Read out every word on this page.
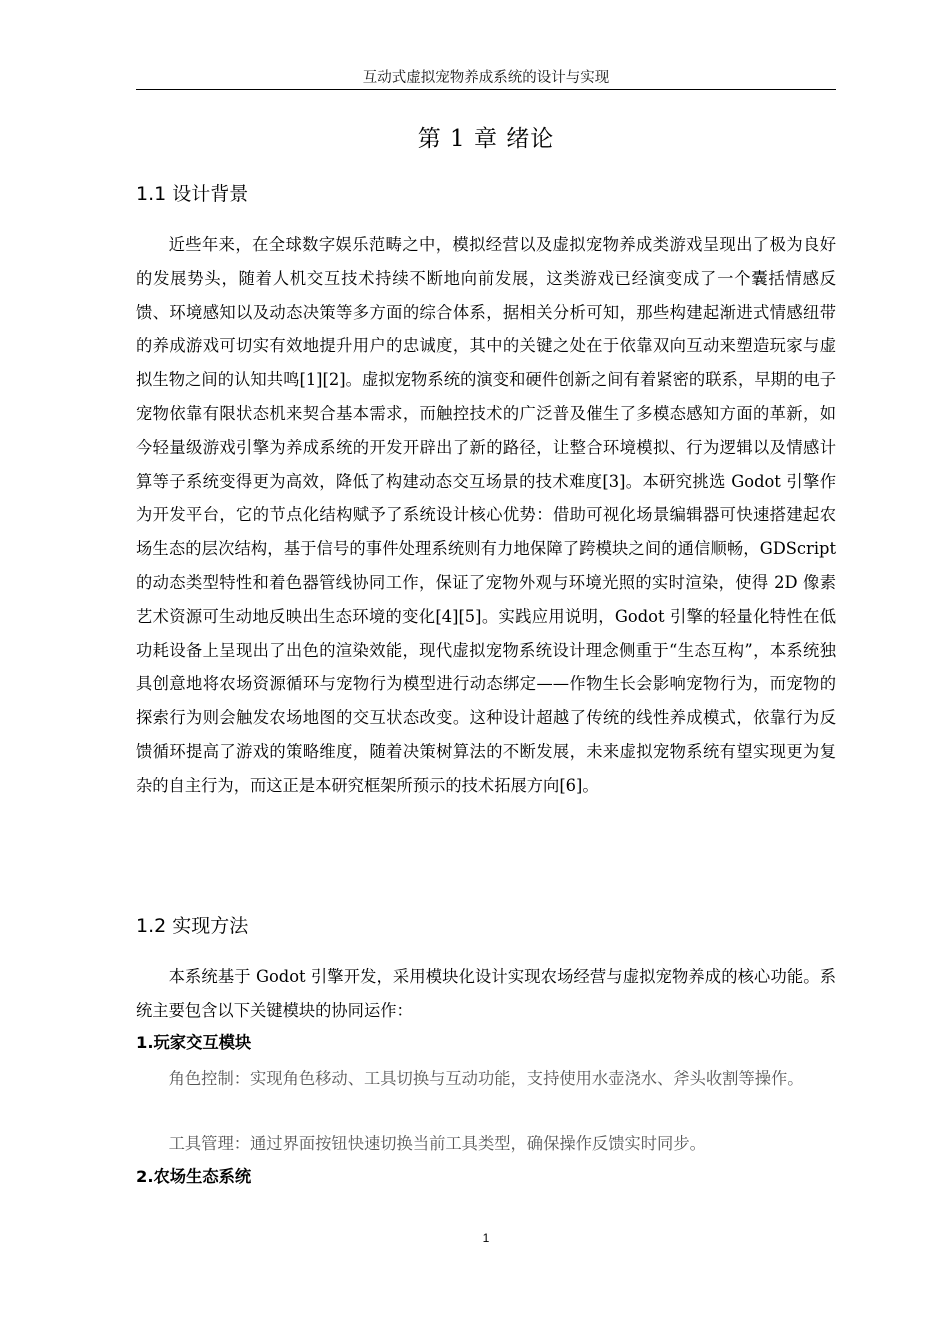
互动式虚拟宠物养成系统的设计与实现
第 1 章 绪论
1.1 设计背景

近些年来，在全球数字娱乐范畴之中，模拟经营以及虚拟宠物养成类游戏呈现出了极为良好的发展势头，随着人机交互技术持续不断地向前发展，这类游戏已经演变成了一个囊括情感反馈、环境感知以及动态决策等多方面的综合体系，据相关分析可知，那些构建起渐进式情感纽带的养成游戏可切实有效地提升用户的忠诚度，其中的关键之处在于依靠双向互动来塑造玩家与虚拟生物之间的认知共鸣[1][2]。虚拟宠物系统的演变和硬件创新之间有着紧密的联系，早期的电子宠物依靠有限状态机来契合基本需求，而触控技术的广泛普及催生了多模态感知方面的革新，如今轻量级游戏引擎为养成系统的开发开辟出了新的路径，让整合环境模拟、行为逻辑以及情感计算等子系统变得更为高效，降低了构建动态交互场景的技术难度[3]。本研究挑选 Godot 引擎作为开发平台，它的节点化结构赋予了系统设计核心优势：借助可视化场景编辑器可快速搭建起农场生态的层次结构，基于信号的事件处理系统则有力地保障了跨模块之间的通信顺畅，GDScript 的动态类型特性和着色器管线协同工作，保证了宠物外观与环境光照的实时渲染，使得 2D 像素艺术资源可生动地反映出生态环境的变化[4][5]。实践应用说明，Godot 引擎的轻量化特性在低功耗设备上呈现出了出色的渲染效能，现代虚拟宠物系统设计理念侧重于“生态互构”，本系统独具创意地将农场资源循环与宠物行为模型进行动态绑定——作物生长会影响宠物行为，而宠物的探索行为则会触发农场地图的交互状态改变。这种设计超越了传统的线性养成模式，依靠行为反馈循环提高了游戏的策略维度，随着决策树算法的不断发展，未来虚拟宠物系统有望实现更为复杂的自主行为，而这正是本研究框架所预示的技术拓展方向[6]。

1.2 实现方法

本系统基于 Godot 引擎开发，采用模块化设计实现农场经营与虚拟宠物养成的核心功能。系统主要包含以下关键模块的协同运作：

1.玩家交互模块

角色控制：实现角色移动、工具切换与互动功能，支持使用水壶浇水、斧头收割等操作。

工具管理：通过界面按钮快速切换当前工具类型，确保操作反馈实时同步。

2.农场生态系统
1
